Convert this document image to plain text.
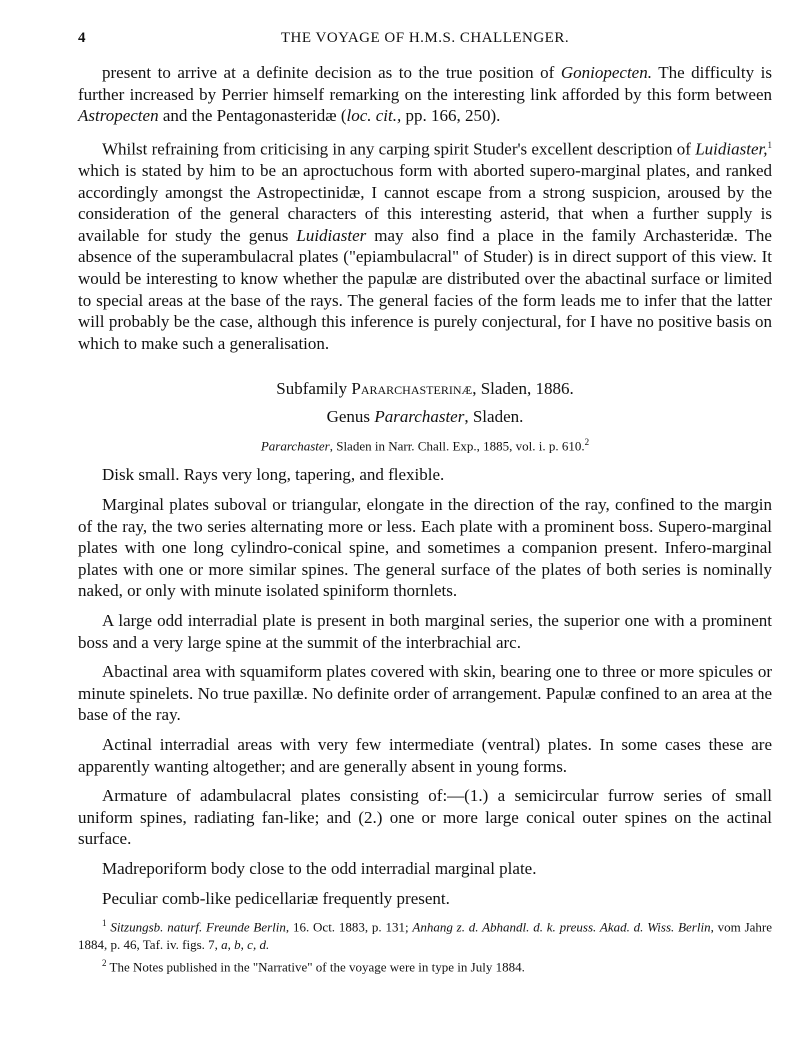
4	THE VOYAGE OF H.M.S. CHALLENGER.

present to arrive at a definite decision as to the true position of Goniopecten. The difficulty is further increased by Perrier himself remarking on the interesting link afforded by this form between Astropecten and the Pentagonasteridæ (loc. cit., pp. 166, 250).

Whilst refraining from criticising in any carping spirit Studer's excellent description of Luidiaster,$^1$ which is stated by him to be an aproctuchous form with aborted supero-marginal plates, and ranked accordingly amongst the Astropectinidæ, I cannot escape from a strong suspicion, aroused by the consideration of the general characters of this interesting asterid, that when a further supply is available for study the genus Luidiaster may also find a place in the family Archasteridæ. The absence of the superambulacral plates ("epiambulacral" of Studer) is in direct support of this view. It would be interesting to know whether the papulæ are distributed over the abactinal surface or limited to special areas at the base of the rays. The general facies of the form leads me to infer that the latter will probably be the case, although this inference is purely conjectural, for I have no positive basis on which to make such a generalisation.

Subfamily Pararchasterinæ, Sladen, 1886.
Genus Pararchaster, Sladen.
Pararchaster, Sladen in Narr. Chall. Exp., 1885, vol. i. p. 610.$^2$

Disk small. Rays very long, tapering, and flexible.

Marginal plates suboval or triangular, elongate in the direction of the ray, confined to the margin of the ray, the two series alternating more or less. Each plate with a prominent boss. Supero-marginal plates with one long cylindro-conical spine, and sometimes a companion present. Infero-marginal plates with one or more similar spines. The general surface of the plates of both series is nominally naked, or only with minute isolated spiniform thornlets.

A large odd interradial plate is present in both marginal series, the superior one with a prominent boss and a very large spine at the summit of the interbrachial arc.

Abactinal area with squamiform plates covered with skin, bearing one to three or more spicules or minute spinelets. No true paxillæ. No definite order of arrangement. Papulæ confined to an area at the base of the ray.

Actinal interradial areas with very few intermediate (ventral) plates. In some cases these are apparently wanting altogether; and are generally absent in young forms.

Armature of adambulacral plates consisting of:—(1.) a semicircular furrow series of small uniform spines, radiating fan-like; and (2.) one or more large conical outer spines on the actinal surface.

Madreporiform body close to the odd interradial marginal plate.

Peculiar comb-like pedicellariæ frequently present.

$^1$ Sitzungsb. naturf. Freunde Berlin, 16. Oct. 1883, p. 131; Anhang z. d. Abhandl. d. k. preuss. Akad. d. Wiss. Berlin, vom Jahre 1884, p. 46, Taf. iv. figs. 7, a, b, c, d.

$^2$ The Notes published in the "Narrative" of the voyage were in type in July 1884.
